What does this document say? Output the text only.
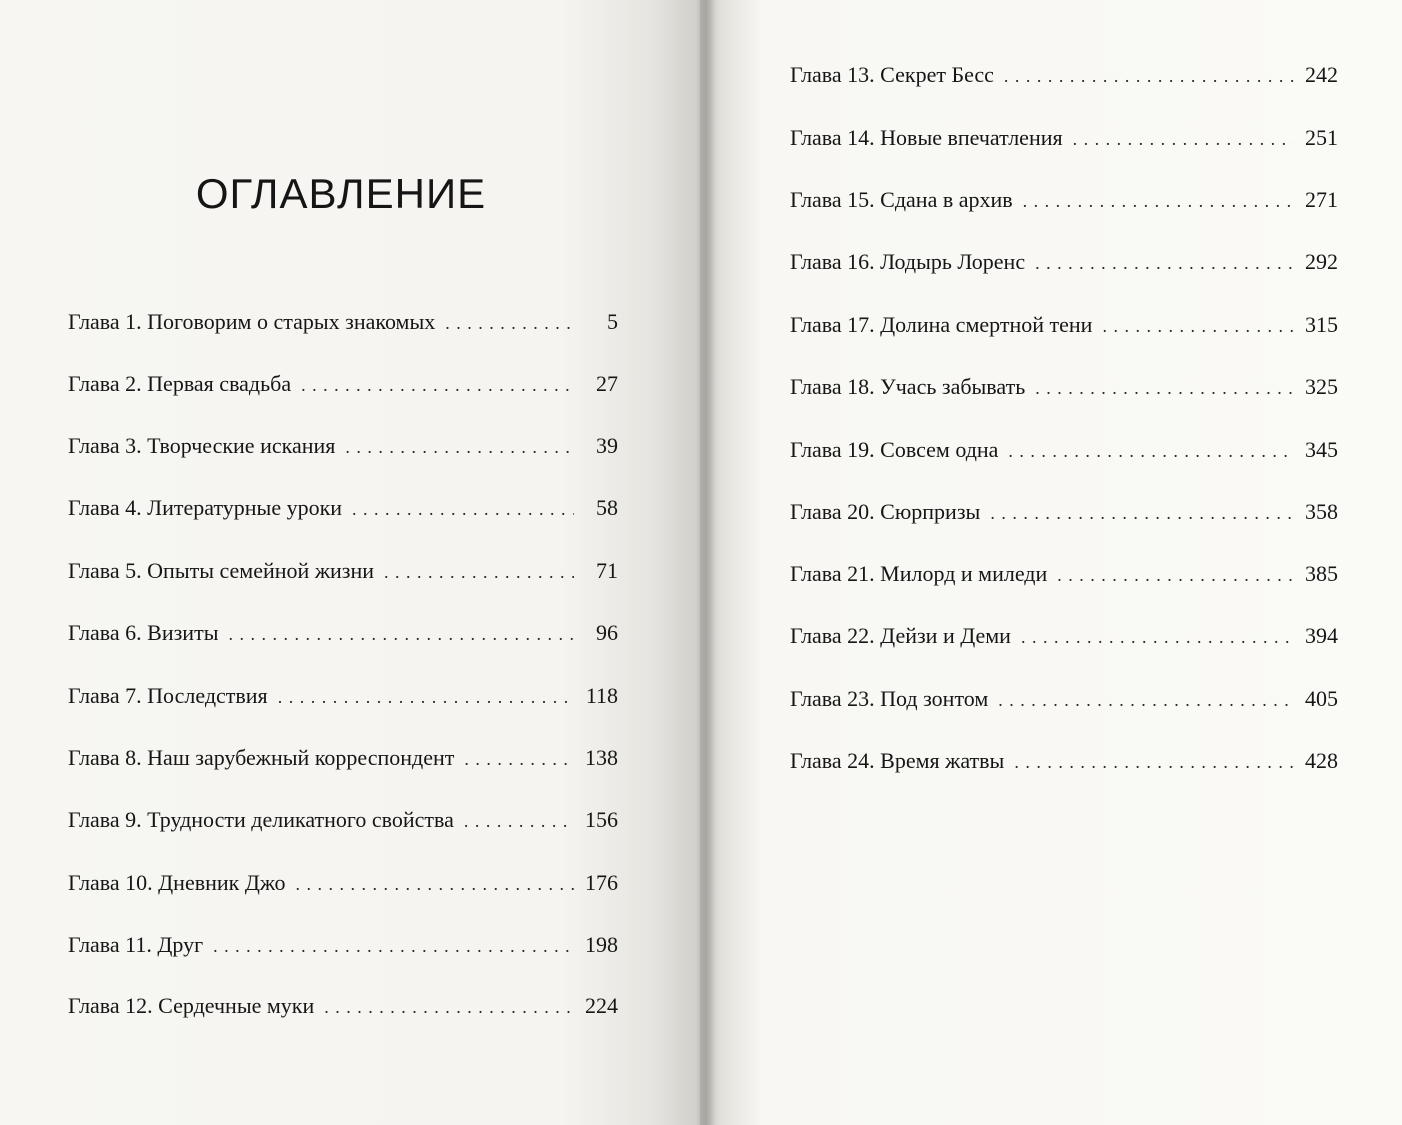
ОГЛАВЛЕНИЕ
Глава 1. Поговорим о старых знакомых . . .	5
Глава 2. Первая свадьба . . .	27
Глава 3. Творческие искания . . .	39
Глава 4. Литературные уроки . . .	58
Глава 5. Опыты семейной жизни . . .	71
Глава 6. Визиты . . .	96
Глава 7. Последствия . . .	118
Глава 8. Наш зарубежный корреспондент . . .	138
Глава 9. Трудности деликатного свойства . . .	156
Глава 10. Дневник Джо . . .	176
Глава 11. Друг . . .	198
Глава 12. Сердечные муки . . .	224
Глава 13. Секрет Бесс . . .	242
Глава 14. Новые впечатления . . .	251
Глава 15. Сдана в архив . . .	271
Глава 16. Лодырь Лоренс . . .	292
Глава 17. Долина смертной тени . . .	315
Глава 18. Учась забывать . . .	325
Глава 19. Совсем одна . . .	345
Глава 20. Сюрпризы . . .	358
Глава 21. Милорд и миледи . . .	385
Глава 22. Дейзи и Деми . . .	394
Глава 23. Под зонтом . . .	405
Глава 24. Время жатвы . . .	428
